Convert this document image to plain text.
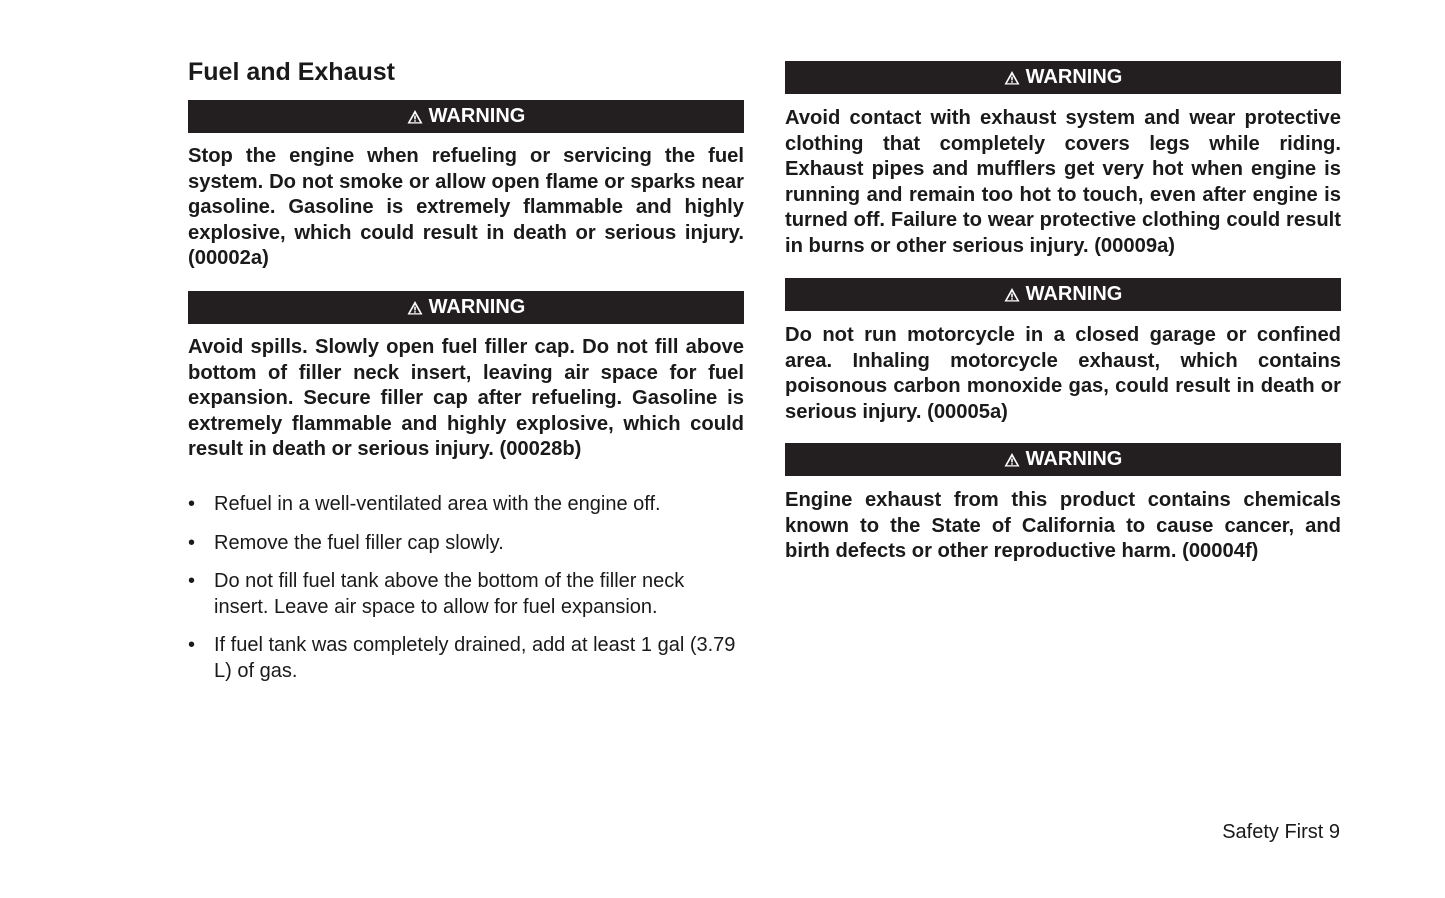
Fuel and Exhaust
WARNING

Stop the engine when refueling or servicing the fuel system. Do not smoke or allow open flame or sparks near gasoline. Gasoline is extremely flammable and highly explosive, which could result in death or serious injury. (00002a)

WARNING

Avoid spills. Slowly open fuel filler cap. Do not fill above bottom of filler neck insert, leaving air space for fuel expansion. Secure filler cap after refueling. Gasoline is extremely flammable and highly explosive, which could result in death or serious injury. (00028b)

• Refuel in a well-ventilated area with the engine off.
• Remove the fuel filler cap slowly.
• Do not fill fuel tank above the bottom of the filler neck insert. Leave air space to allow for fuel expansion.
• If fuel tank was completely drained, add at least 1 gal (3.79 L) of gas.
WARNING

Avoid contact with exhaust system and wear protective clothing that completely covers legs while riding. Exhaust pipes and mufflers get very hot when engine is running and remain too hot to touch, even after engine is turned off. Failure to wear protective clothing could result in burns or other serious injury. (00009a)

WARNING

Do not run motorcycle in a closed garage or confined area. Inhaling motorcycle exhaust, which contains poisonous carbon monoxide gas, could result in death or serious injury. (00005a)

WARNING

Engine exhaust from this product contains chemicals known to the State of California to cause cancer, and birth defects or other reproductive harm. (00004f)

Safety First 9
